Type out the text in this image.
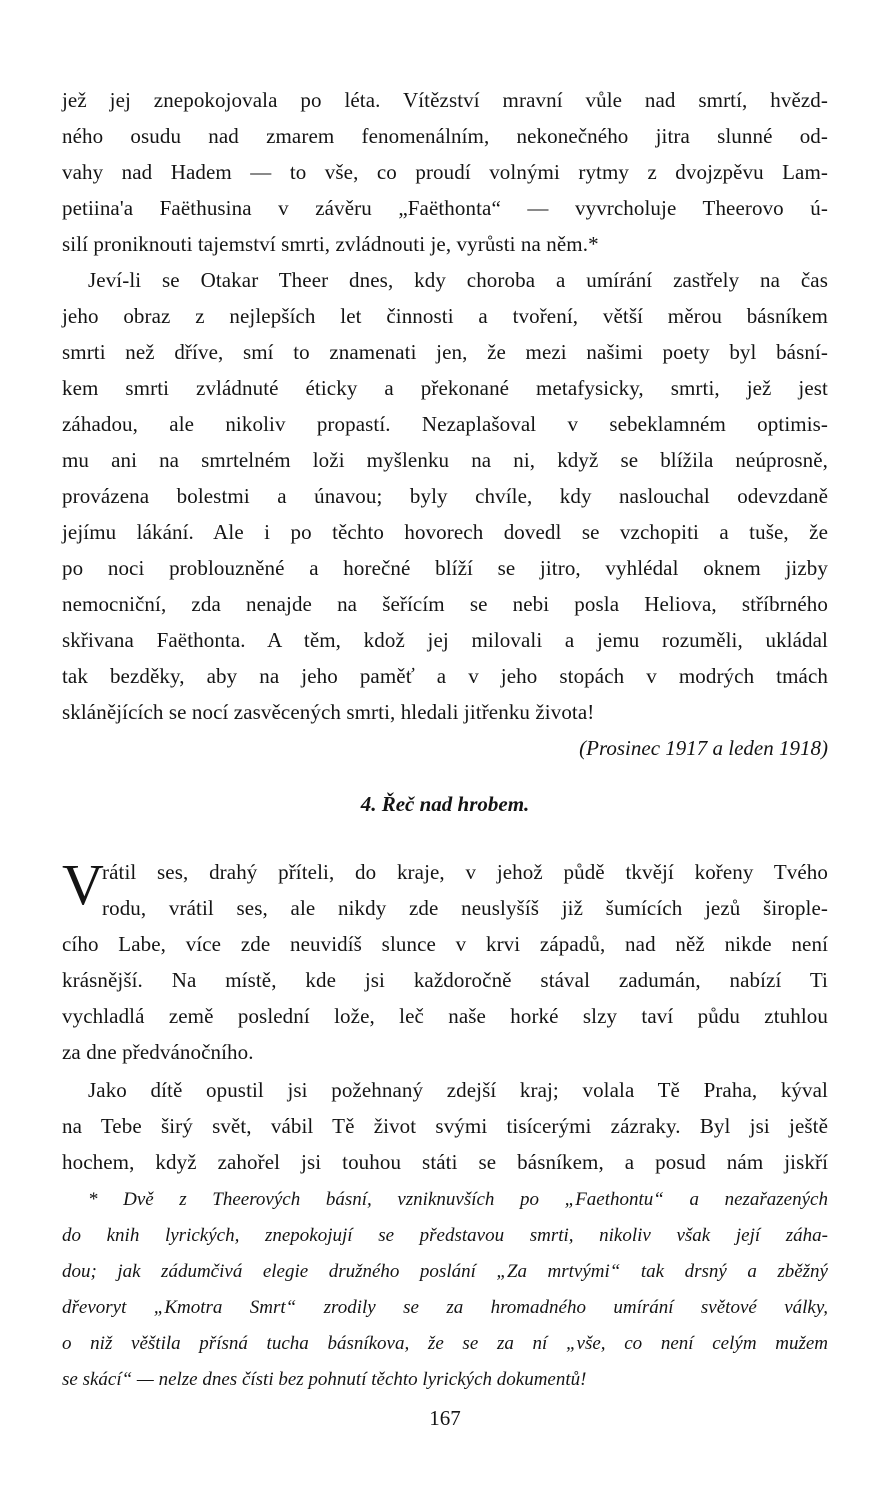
jež jej znepokojovala po léta. Vítězství mravní vůle nad smrtí, hvězd-
ného osudu nad zmarem fenomenálním, nekonečného jitra slunné od-
vahy nad Hadem — to vše, co proudí volnými rytmy z dvojzpěvu Lam-
petiina'a Faëthusina v závěru „Faëthonta“ — vyvrcholuje Theerovo ú-
silí proniknouti tajemství smrti, zvládnouti je, vyrůsti na něm.*
Jeví-li se Otakar Theer dnes, kdy choroba a umírání zastřely na čas
jeho obraz z nejlepších let činnosti a tvoření, větší měrou básníkem
smrti než dříve, smí to znamenati jen, že mezi našimi poety byl básní-
kem smrti zvládnuté éticky a překonané metafysicky, smrti, jež jest
záhadou, ale nikoliv propastí. Nezaplašoval v sebeklamném optimis-
mu ani na smrtelném loži myšlenku na ni, když se blížila neúprosně,
provázena bolestmi a únavou; byly chvíle, kdy naslouchal odevzdaně
jejímu lákání. Ale i po těchto hovorech dovedl se vzchopiti a tuše, že
po noci problouzněné a horečné blíží se jitro, vyhlédal oknem jizby
nemocniční, zda nenajde na šeřícím se nebi posla Heliova, stříbrného
skřivana Faëthonta. A těm, kdož jej milovali a jemu rozuměli, ukládal
tak bezděky, aby na jeho paměť a v jeho stopách v modrých tmách
sklánějících se nocí zasvěcených smrti, hledali jitřenku života!
(Prosinec 1917 a leden 1918)
4. Řeč nad hrobem.
V
rátil ses, drahý příteli, do kraje, v jehož půdě tkvějí kořeny Tvého
rodu, vrátil ses, ale nikdy zde neuslyšíš již šumících jezů širople-
cího Labe, více zde neuvidíš slunce v krvi západů, nad něž nikde není
krásnější. Na místě, kde jsi každoročně stával zadumán, nabízí Ti
vychladlá země poslední lože, leč naše horké slzy taví půdu ztuhlou
za dne předvánočního.
Jako dítě opustil jsi požehnaný zdejší kraj; volala Tě Praha, kýval
na Tebe širý svět, vábil Tě život svými tisícerými zázraky. Byl jsi ještě
hochem, když zahořel jsi touhou státi se básníkem, a posud nám jiskří
* Dvě z Theerových básní, vzniknuvších po „Faethontu“ a nezařazených
do knih lyrických, znepokojují se představou smrti, nikoliv však její záha-
dou; jak zádumčivá elegie družného poslání „Za mrtvými“ tak drsný a zběžný
dřevoryt „Kmotra Smrt“ zrodily se za hromadného umírání světové války,
o niž věštila přísná tucha básníkova, že se za ní „vše, co není celým mužem
se skácí“ — nelze dnes čísti bez pohnutí těchto lyrických dokumentů!
167
